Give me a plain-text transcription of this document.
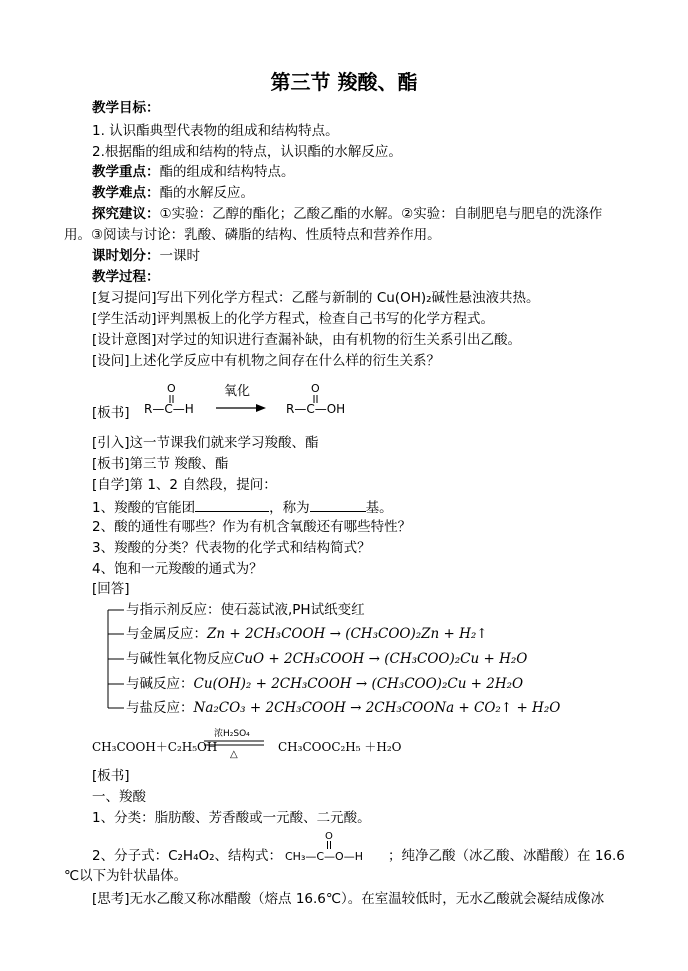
第三节 羧酸、酯
教学目标：
1. 认识酯典型代表物的组成和结构特点。
2.根据酯的组成和结构的特点，认识酯的水解反应。
教学重点：酯的组成和结构特点。
教学难点：酯的水解反应。
探究建议：①实验：乙醇的酯化；乙酸乙酯的水解。②实验：自制肥皂与肥皂的洗涤作
用。③阅读与讨论：乳酸、磷脂的结构、性质特点和营养作用。
课时划分：一课时
教学过程：
[复习提问]写出下列化学方程式：乙醛与新制的 Cu(OH)₂碱性悬浊液共热。
[学生活动]评判黑板上的化学方程式，检查自己书写的化学方程式。
[设计意图]对学过的知识进行查漏补缺，由有机物的衍生关系引出乙酸。
[设问]上述化学反应中有机物之间存在什么样的衍生关系？
[板书]
O
R—C—H
氧化	O
R—C—OH
[引入]这一节课我们就来学习羧酸、酯
[板书]第三节 羧酸、酯
[自学]第 1、2 自然段，提问：
1、羧酸的官能团	，称为	基。
2、酸的通性有哪些？作为有机含氧酸还有哪些特性？
3、羧酸的分类？代表物的化学式和结构简式？
4、饱和一元羧酸的通式为？
[回答]
与指示剂反应：使石蕊试液,PH试纸变红
与金属反应：Zn + 2CH₃COOH → (CH₃COO)₂Zn + H₂↑
与碱性氧化物反应CuO + 2CH₃COOH → (CH₃COO)₂Cu + H₂O
与碱反应：Cu(OH)₂ + 2CH₃COOH → (CH₃COO)₂Cu + 2H₂O
与盐反应：Na₂CO₃ + 2CH₃COOH → 2CH₃COONa + CO₂↑ + H₂O
CH₃COOH＋C₂H₅OH
浓H₂SO₄
△
CH₃COOC₂H₅ ＋H₂O
[板书]
一、羧酸
1、分类：脂肪酸、芳香酸或一元酸、二元酸。
2、分子式：C₂H₄O₂、结构式：	；纯净乙酸（冰乙酸、冰醋酸）在 16.6
O
CH₃—C—O—H
℃以下为针状晶体。
[思考]无水乙酸又称冰醋酸（熔点 16.6℃）。在室温较低时，无水乙酸就会凝结成像冰
